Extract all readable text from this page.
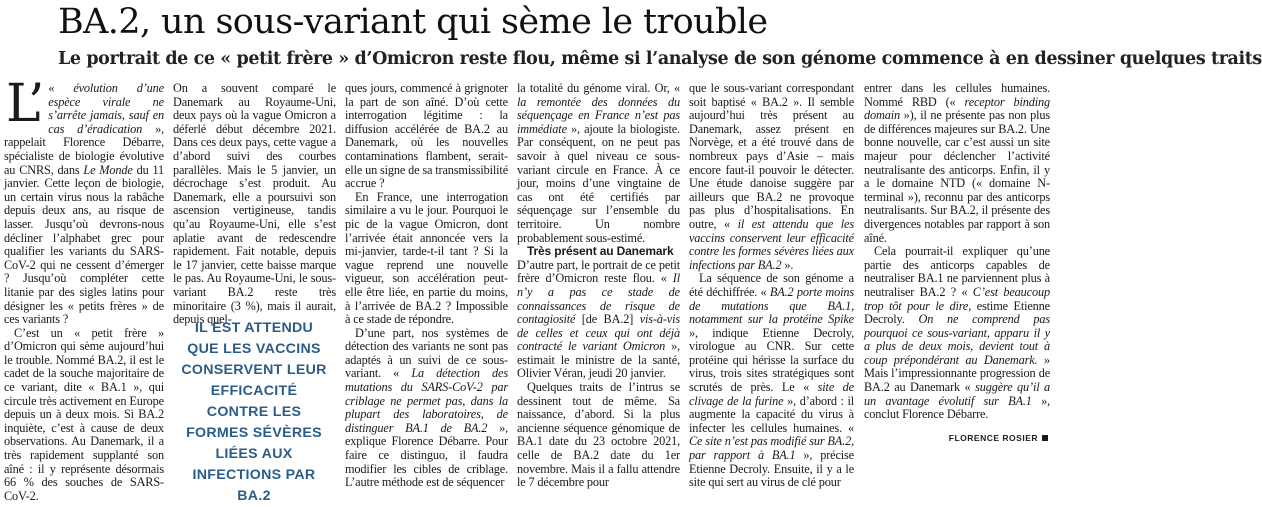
BA.2, un sous-variant qui sème le trouble
Le portrait de ce « petit frère » d’Omicron reste flou, même si l’analyse de son génome commence à en dessiner quelques traits

L’ « évolution d’une espèce virale ne s’arrête jamais, sauf en cas d’éradication », rappelait Florence Débarre, spécialiste de biologie évolutive au CNRS, dans Le Monde du 11 janvier. Cette leçon de biologie, un certain virus nous la rabâche depuis deux ans, au risque de lasser. Jusqu’où devrons-nous décliner l’alphabet grec pour qualifier les variants du SARS-CoV-2 qui ne cessent d’émerger ? Jusqu’où compléter cette litanie par des sigles latins pour désigner les « petits frères » de ces variants ?

C’est un « petit frère » d’Omicron qui sème aujourd’hui le trouble. Nommé BA.2, il est le cadet de la souche majoritaire de ce variant, dite « BA.1 », qui circule très activement en Europe depuis un à deux mois. Si BA.2 inquiète, c’est à cause de deux observations. Au Danemark, il a très rapidement supplanté son aîné : il y représente désormais 66 % des souches de SARS-CoV-2.

On a souvent comparé le Danemark au Royaume-Uni, deux pays où la vague Omicron a déferlé début décembre 2021. Dans ces deux pays, cette vague a d’abord suivi des courbes parallèles. Mais le 5 janvier, un décrochage s’est produit. Au Danemark, elle a poursuivi son ascension vertigineuse, tandis qu’au Royaume-Uni, elle s’est aplatie avant de redescendre rapidement. Fait notable, depuis le 17 janvier, cette baisse marque le pas. Au Royaume-Uni, le sous-variant BA.2 reste très minoritaire (3 %), mais il aurait, depuis quel-

IL EST ATTENDU QUE LES VACCINS CONSERVENT LEUR EFFICACITÉ CONTRE LES FORMES SÉVÈRES LIÉES AUX INFECTIONS PAR BA.2

ques jours, commencé à grignoter la part de son aîné. D’où cette interrogation légitime : la diffusion accélérée de BA.2 au Danemark, où les nouvelles contaminations flambent, serait-elle un signe de sa transmissibilité accrue ?

En France, une interrogation similaire a vu le jour. Pourquoi le pic de la vague Omicron, dont l’arrivée était annoncée vers la mi-janvier, tarde-t-il tant ? Si la vague reprend une nouvelle vigueur, son accélération peut-elle être liée, en partie du moins, à l’arrivée de BA.2 ? Impossible à ce stade de répondre.

D’une part, nos systèmes de détection des variants ne sont pas adaptés à un suivi de ce sous-variant. « La détection des mutations du SARS-CoV-2 par criblage ne permet pas, dans la plupart des laboratoires, de distinguer BA.1 de BA.2 », explique Florence Débarre. Pour faire ce distinguo, il faudra modifier les cibles de criblage. L’autre méthode est de séquencer

la totalité du génome viral. Or, « la remontée des données du séquençage en France n’est pas immédiate », ajoute la biologiste. Par conséquent, on ne peut pas savoir à quel niveau ce sous-variant circule en France. À ce jour, moins d’une vingtaine de cas ont été certifiés par séquençage sur l’ensemble du territoire. Un nombre probablement sous-estimé.

Très présent au Danemark

D’autre part, le portrait de ce petit frère d’Omicron reste flou. « Il n’y a pas ce stade de connaissances de risque de contagiosité [de BA.2] vis-à-vis de celles et ceux qui ont déjà contracté le variant Omicron », estimait le ministre de la santé, Olivier Véran, jeudi 20 janvier.

Quelques traits de l’intrus se dessinent tout de même. Sa naissance, d’abord. Si la plus ancienne séquence génomique de BA.1 date du 23 octobre 2021, celle de BA.2 date du 1er novembre. Mais il a fallu attendre le 7 décembre pour

que le sous-variant correspondant soit baptisé « BA.2 ». Il semble aujourd’hui très présent au Danemark, assez présent en Norvège, et a été trouvé dans de nombreux pays d’Asie – mais encore faut-il pouvoir le détecter. Une étude danoise suggère par ailleurs que BA.2 ne provoque pas plus d’hospitalisations. En outre, « il est attendu que les vaccins conservent leur efficacité contre les formes sévères liées aux infections par BA.2 ».

La séquence de son génome a été déchiffrée. « BA.2 porte moins de mutations que BA.1, notamment sur la protéine Spike », indique Etienne Decroly, virologue au CNR. Sur cette protéine qui hérisse la surface du virus, trois sites stratégiques sont scrutés de près. Le « site de clivage de la furine », d’abord : il augmente la capacité du virus à infecter les cellules humaines. « Ce site n’est pas modifié sur BA.2, par rapport à BA.1 », précise Etienne Decroly. Ensuite, il y a le site qui sert au virus de clé pour

entrer dans les cellules humaines. Nommé RBD (« receptor binding domain »), il ne présente pas non plus de différences majeures sur BA.2. Une bonne nouvelle, car c’est aussi un site majeur pour déclencher l’activité neutralisante des anticorps. Enfin, il y a le domaine NTD (« domaine N-terminal »), reconnu par des anticorps neutralisants. Sur BA.2, il présente des divergences notables par rapport à son aîné.

Cela pourrait-il expliquer qu’une partie des anticorps capables de neutraliser BA.1 ne parviennent plus à neutraliser BA.2 ? « C’est beaucoup trop tôt pour le dire, estime Etienne Decroly. On ne comprend pas pourquoi ce sous-variant, apparu il y a plus de deux mois, devient tout à coup prépondérant au Danemark. » Mais l’impressionnante progression de BA.2 au Danemark « suggère qu’il a un avantage évolutif sur BA.1 », conclut Florence Débarre.

FLORENCE ROSIER
